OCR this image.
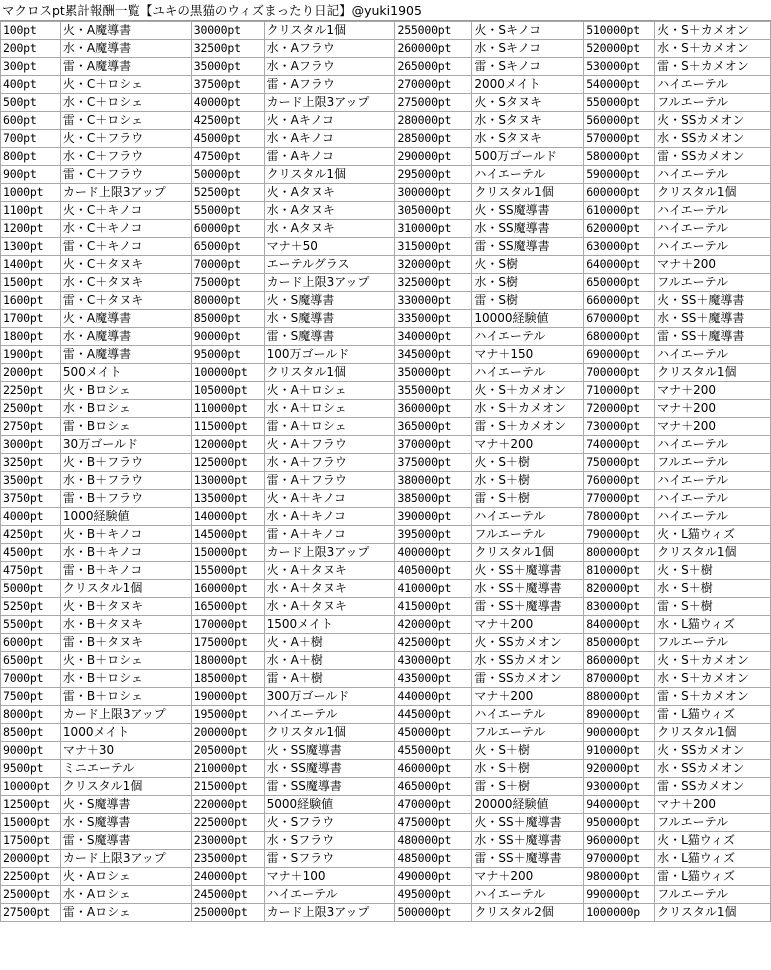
マクロスpt累計報酬一覧【ユキの黒猫のウィズまったり日記】@yuki1905
100pt	火・A魔導書	30000pt	クリスタル1個	255000pt	火・Sキノコ	510000pt	火・S＋カメオン
200pt	水・A魔導書	32500pt	水・Aフラウ	260000pt	水・Sキノコ	520000pt	水・S＋カメオン
300pt	雷・A魔導書	35000pt	水・Aフラウ	265000pt	雷・Sキノコ	530000pt	雷・S＋カメオン
400pt	火・C＋ロシェ	37500pt	雷・Aフラウ	270000pt	2000メイト	540000pt	ハイエーテル
500pt	水・C＋ロシェ	40000pt	カード上限3アップ	275000pt	火・Sタヌキ	550000pt	フルエーテル
600pt	雷・C＋ロシェ	42500pt	火・Aキノコ	280000pt	水・Sタヌキ	560000pt	火・SSカメオン
700pt	火・C＋フラウ	45000pt	水・Aキノコ	285000pt	水・Sタヌキ	570000pt	水・SSカメオン
800pt	水・C＋フラウ	47500pt	雷・Aキノコ	290000pt	500万ゴールド	580000pt	雷・SSカメオン
900pt	雷・C＋フラウ	50000pt	クリスタル1個	295000pt	ハイエーテル	590000pt	ハイエーテル
1000pt	カード上限3アップ	52500pt	火・Aタヌキ	300000pt	クリスタル1個	600000pt	クリスタル1個
1100pt	火・C＋キノコ	55000pt	水・Aタヌキ	305000pt	火・SS魔導書	610000pt	ハイエーテル
1200pt	水・C＋キノコ	60000pt	水・Aタヌキ	310000pt	水・SS魔導書	620000pt	ハイエーテル
1300pt	雷・C＋キノコ	65000pt	マナ＋50	315000pt	雷・SS魔導書	630000pt	ハイエーテル
1400pt	火・C＋タヌキ	70000pt	エーテルグラス	320000pt	火・S樹	640000pt	マナ＋200
1500pt	水・C＋タヌキ	75000pt	カード上限3アップ	325000pt	水・S樹	650000pt	フルエーテル
1600pt	雷・C＋タヌキ	80000pt	火・S魔導書	330000pt	雷・S樹	660000pt	火・SS＋魔導書
1700pt	火・A魔導書	85000pt	水・S魔導書	335000pt	10000経験値	670000pt	水・SS＋魔導書
1800pt	水・A魔導書	90000pt	雷・S魔導書	340000pt	ハイエーテル	680000pt	雷・SS＋魔導書
1900pt	雷・A魔導書	95000pt	100万ゴールド	345000pt	マナ＋150	690000pt	ハイエーテル
2000pt	500メイト	100000pt	クリスタル1個	350000pt	ハイエーテル	700000pt	クリスタル1個
2250pt	火・Bロシェ	105000pt	火・A＋ロシェ	355000pt	火・S＋カメオン	710000pt	マナ＋200
2500pt	水・Bロシェ	110000pt	水・A＋ロシェ	360000pt	水・S＋カメオン	720000pt	マナ＋200
2750pt	雷・Bロシェ	115000pt	雷・A＋ロシェ	365000pt	雷・S＋カメオン	730000pt	マナ＋200
3000pt	30万ゴールド	120000pt	火・A＋フラウ	370000pt	マナ＋200	740000pt	ハイエーテル
3250pt	火・B＋フラウ	125000pt	水・A＋フラウ	375000pt	火・S＋樹	750000pt	フルエーテル
3500pt	水・B＋フラウ	130000pt	雷・A＋フラウ	380000pt	水・S＋樹	760000pt	ハイエーテル
3750pt	雷・B＋フラウ	135000pt	火・A＋キノコ	385000pt	雷・S＋樹	770000pt	ハイエーテル
4000pt	1000経験値	140000pt	水・A＋キノコ	390000pt	ハイエーテル	780000pt	ハイエーテル
4250pt	火・B＋キノコ	145000pt	雷・A＋キノコ	395000pt	フルエーテル	790000pt	火・L猫ウィズ
4500pt	水・B＋キノコ	150000pt	カード上限3アップ	400000pt	クリスタル1個	800000pt	クリスタル1個
4750pt	雷・B＋キノコ	155000pt	火・A＋タヌキ	405000pt	火・SS＋魔導書	810000pt	火・S＋樹
5000pt	クリスタル1個	160000pt	水・A＋タヌキ	410000pt	水・SS＋魔導書	820000pt	水・S＋樹
5250pt	火・B＋タヌキ	165000pt	水・A＋タヌキ	415000pt	雷・SS＋魔導書	830000pt	雷・S＋樹
5500pt	水・B＋タヌキ	170000pt	1500メイト	420000pt	マナ＋200	840000pt	水・L猫ウィズ
6000pt	雷・B＋タヌキ	175000pt	火・A＋樹	425000pt	火・SSカメオン	850000pt	フルエーテル
6500pt	火・B＋ロシェ	180000pt	水・A＋樹	430000pt	水・SSカメオン	860000pt	火・S＋カメオン
7000pt	水・B＋ロシェ	185000pt	雷・A＋樹	435000pt	雷・SSカメオン	870000pt	水・S＋カメオン
7500pt	雷・B＋ロシェ	190000pt	300万ゴールド	440000pt	マナ＋200	880000pt	雷・S＋カメオン
8000pt	カード上限3アップ	195000pt	ハイエーテル	445000pt	ハイエーテル	890000pt	雷・L猫ウィズ
8500pt	1000メイト	200000pt	クリスタル1個	450000pt	フルエーテル	900000pt	クリスタル1個
9000pt	マナ＋30	205000pt	火・SS魔導書	455000pt	火・S＋樹	910000pt	火・SSカメオン
9500pt	ミニエーテル	210000pt	水・SS魔導書	460000pt	水・S＋樹	920000pt	水・SSカメオン
10000pt	クリスタル1個	215000pt	雷・SS魔導書	465000pt	雷・S＋樹	930000pt	雷・SSカメオン
12500pt	火・S魔導書	220000pt	5000経験値	470000pt	20000経験値	940000pt	マナ＋200
15000pt	水・S魔導書	225000pt	火・Sフラウ	475000pt	火・SS＋魔導書	950000pt	フルエーテル
17500pt	雷・S魔導書	230000pt	水・Sフラウ	480000pt	水・SS＋魔導書	960000pt	火・L猫ウィズ
20000pt	カード上限3アップ	235000pt	雷・Sフラウ	485000pt	雷・SS＋魔導書	970000pt	水・L猫ウィズ
22500pt	火・Aロシェ	240000pt	マナ＋100	490000pt	マナ＋200	980000pt	雷・L猫ウィズ
25000pt	水・Aロシェ	245000pt	ハイエーテル	495000pt	ハイエーテル	990000pt	フルエーテル
27500pt	雷・Aロシェ	250000pt	カード上限3アップ	500000pt	クリスタル2個	1000000p	クリスタル1個
